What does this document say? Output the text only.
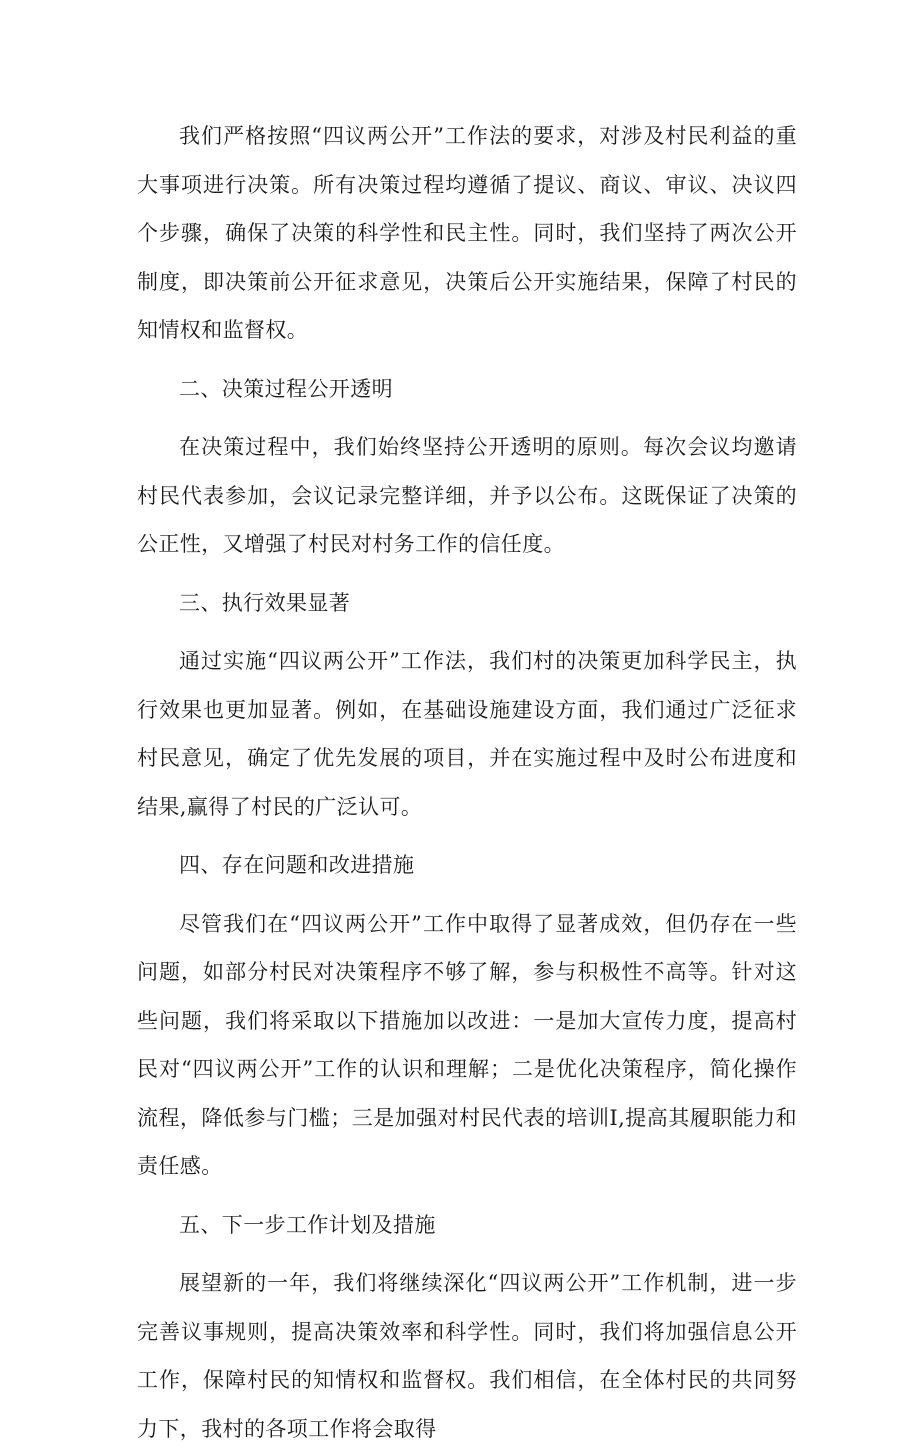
我们严格按照“四议两公开”工作法的要求，对涉及村民利益的重大事项进行决策。所有决策过程均遵循了提议、商议、审议、决议四个步骤，确保了决策的科学性和民主性。同时，我们坚持了两次公开制度，即决策前公开征求意见，决策后公开实施结果，保障了村民的知情权和监督权。

二、决策过程公开透明

在决策过程中，我们始终坚持公开透明的原则。每次会议均邀请村民代表参加，会议记录完整详细，并予以公布。这既保证了决策的公正性，又增强了村民对村务工作的信任度。

三、执行效果显著

通过实施“四议两公开”工作法，我们村的决策更加科学民主，执行效果也更加显著。例如，在基础设施建设方面，我们通过广泛征求村民意见，确定了优先发展的项目，并在实施过程中及时公布进度和结果,赢得了村民的广泛认可。

四、存在问题和改进措施

尽管我们在“四议两公开”工作中取得了显著成效，但仍存在一些问题，如部分村民对决策程序不够了解，参与积极性不高等。针对这些问题，我们将采取以下措施加以改进：一是加大宣传力度，提高村民对“四议两公开”工作的认识和理解；二是优化决策程序，简化操作流程，降低参与门槛；三是加强对村民代表的培训I,提高其履职能力和责任感。

五、下一步工作计划及措施

展望新的一年，我们将继续深化“四议两公开”工作机制，进一步完善议事规则，提高决策效率和科学性。同时，我们将加强信息公开工作，保障村民的知情权和监督权。我们相信，在全体村民的共同努力下，我村的各项工作将会取得
